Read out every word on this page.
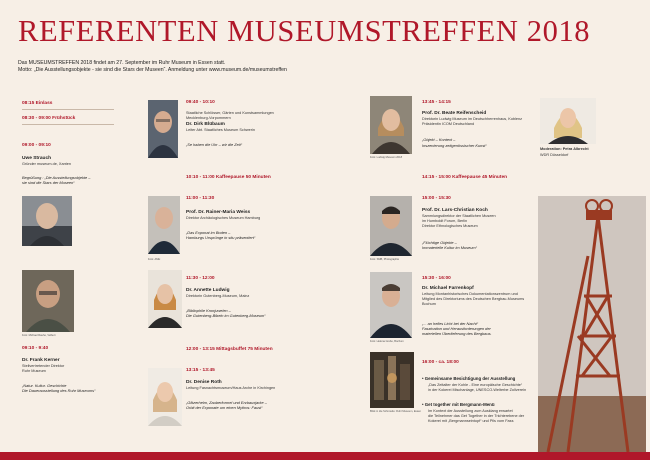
REFERENTEN MUSEUMSTREFFEN 2018
Das MUSEUMSTREFFEN 2018 findet am 27. September im Ruhr Museum in Essen statt.
Motto: „Die Ausstellungsobjekte - sie sind die Stars der Museen“. Anmeldung unter www.museum.de/museumstreffen
08:15 Einlass
08:30 - 09:00 Frühstück
09:00 - 09:10
Uwe Strauch
Gründer museum.de, Xanten
Begrüßung : „Die Ausstellungsobjekte –
sie sind die Stars der Museen“
Foto: Michael Rauhe, Velbert
09:10 - 9:40
Dr. Frank Kerner
Stellvertretender Direktor
Ruhr Museum
„Natur. Kultur. Geschichte
Die Dauerausstellung des Ruhr Museums“
09:40 - 10:10
Staatliche Schlösser, Gärten und Kunstsammlungen
Mecklenburg-Vorpommern
Dr. Dirk Blübaum
Leiter Abt. Staatliches Museum Schwerin
„Se haben die Uhr – wir die Zeit“
10:10 - 11:00 Kaffeepause 50 Minuten
Foto: AMH
11:00 - 11:30
Prof. Dr. Rainer-Maria Weiss
Direktor Archäologisches Museum Hamburg
„Das Exponat im Boden –
Hamburgs Ursprünge in situ präsentiert“
11:30 - 12:00
Dr. Annette Ludwig
Direktorin Gutenberg-Museum, Mainz
„Bibliophile Kronjuwelen –
Die Gutenberg-Bibeln im Gutenberg-Museum“
12:00 - 13:15 Mittagsbuffet 75 Minuten
13:15 - 13:45
Dr. Denise Roth
Leitung Fasnachtsmuseum/Haus Arche in Kirchingen
„Glitzerhelm, Zauberformel und Erzbauxjarke –
Orbit der Exponate um einen Mythos: Faust“
Foto: Ludwig Museum 2018
13:45 - 14:15
Prof. Dr. Beate Reifenscheid
Direktorin Ludwig Museum im Deutschherrenhaus, Koblenz
Präsidentin ICOM Deutschland
„Objekt – Kontext –
Inszenierung zeitgenössischer Kunst“
14:15 - 15:00 Kaffeepause 45 Minuten
Foto: SMB, Photographie
15:00 - 15:30
Prof. Dr. Lars-Christian Koch
Sammlungsdirektor der Staatlichen Museen
im Humboldt Forum, Berlin
Direktor Ethnologisches Museum
„Flüchtige Objekte –
Immaterielle Kultur im Museum“
Foto: Helena Grebe, Bochum
15:30 - 16:00
Dr. Michael Farrenkopf
Leitung Montanhistorisches Dokumentationszentrum und
Mitglied des Direktoriums des Deutschen Bergbau-Museums
Bochum
„... an helles Licht bei der Nacht“
Faszination und Herausforderungen der
materiellen Überlieferung des Bergbaus.
Blick in die Schmiede: Ruhr Museum, Essen
16:00 - ca. 18:00
• Gemeinsame Besichtigung der Ausstellung
„Das Zeitalter der Kohle - Eine europäische Geschichte“
in der Kokerei Mischanlage, UNESCO-Welterbe Zollverein
• Get together mit Bergmann-Menü
Im Kontext der Ausstellung zum Ausklang erwartet
die Teilnehmer das Get Together in der Trichterebene der
Kokerei mit „Bergmannseintopf“ und Pils vom Fass
Moderation: Petra Albrecht
WDR Düsseldorf
